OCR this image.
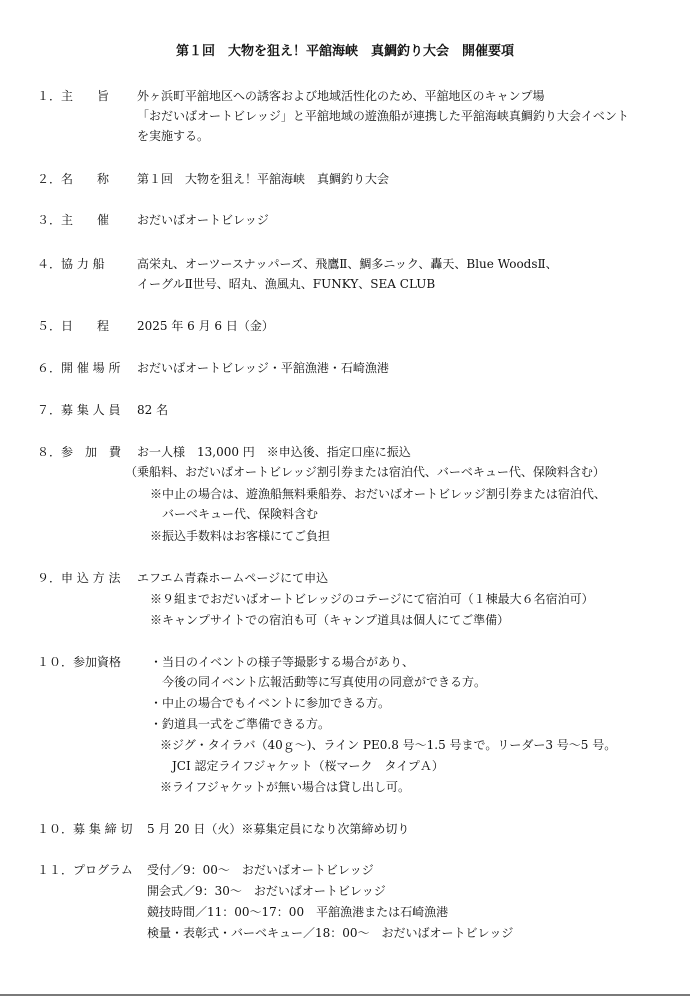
第１回　大物を狙え！平舘海峡　真鯛釣り大会　開催要項
１．主　　旨 外ヶ浜町平舘地区への誘客および地域活性化のため、平舘地区のキャンプ場
「おだいばオートビレッジ」と平舘地域の遊漁船が連携した平舘海峡真鯛釣り大会イベント
を実施する。
２．名　　称 第１回　大物を狙え！平舘海峡　真鯛釣り大会
３．主　　催 おだいばオートビレッジ
４．協 力 船	高栄丸、オーツースナッパーズ、飛鷹Ⅱ、鯛多ニック、轟天、Blue WoodsⅡ、
イーグルⅡ世号、昭丸、漁風丸、FUNKY、SEA CLUB
５．日　　程 2025 年 6 月 6 日（金）
６．開 催 場 所 おだいばオートビレッジ・平舘漁港・石崎漁港
７．募 集 人 員 82 名
８．参　加　費 お一人様　13,000 円　※申込後、指定口座に振込
（乗船料、おだいばオートビレッジ割引券または宿泊代、バーベキュー代、保険料含む）
※中止の場合は、遊漁船無料乗船券、おだいばオートビレッジ割引券または宿泊代、
バーベキュー代、保険料含む
※振込手数料はお客様にてご負担
９．申 込 方 法 エフエム青森ホームページにて申込
※９組までおだいばオートビレッジのコテージにて宿泊可（１棟最大６名宿泊可）
※キャンプサイトでの宿泊も可（キャンプ道具は個人にてご準備）
１０．参加資格 ・当日のイベントの様子等撮影する場合があり、
今後の同イベント広報活動等に写真使用の同意ができる方。
・中止の場合でもイベントに参加できる方。
・釣道具一式をご準備できる方。
※ジグ・タイラバ（40ｇ～)、ライン PE0.8 号～1.5 号まで。リーダー3 号～5 号。
JCI 認定ライフジャケット（桜マーク　タイプＡ）
※ライフジャケットが無い場合は貸し出し可。
１０．募 集 締 切 5 月 20 日（火）※募集定員になり次第締め切り
１１．プログラム 受付／9：00～　おだいばオートビレッジ
開会式／9：30～　おだいばオートビレッジ
競技時間／11：00～17：00　平舘漁港または石崎漁港
検量・表彰式・バーベキュー／18：00～　おだいばオートビレッジ
